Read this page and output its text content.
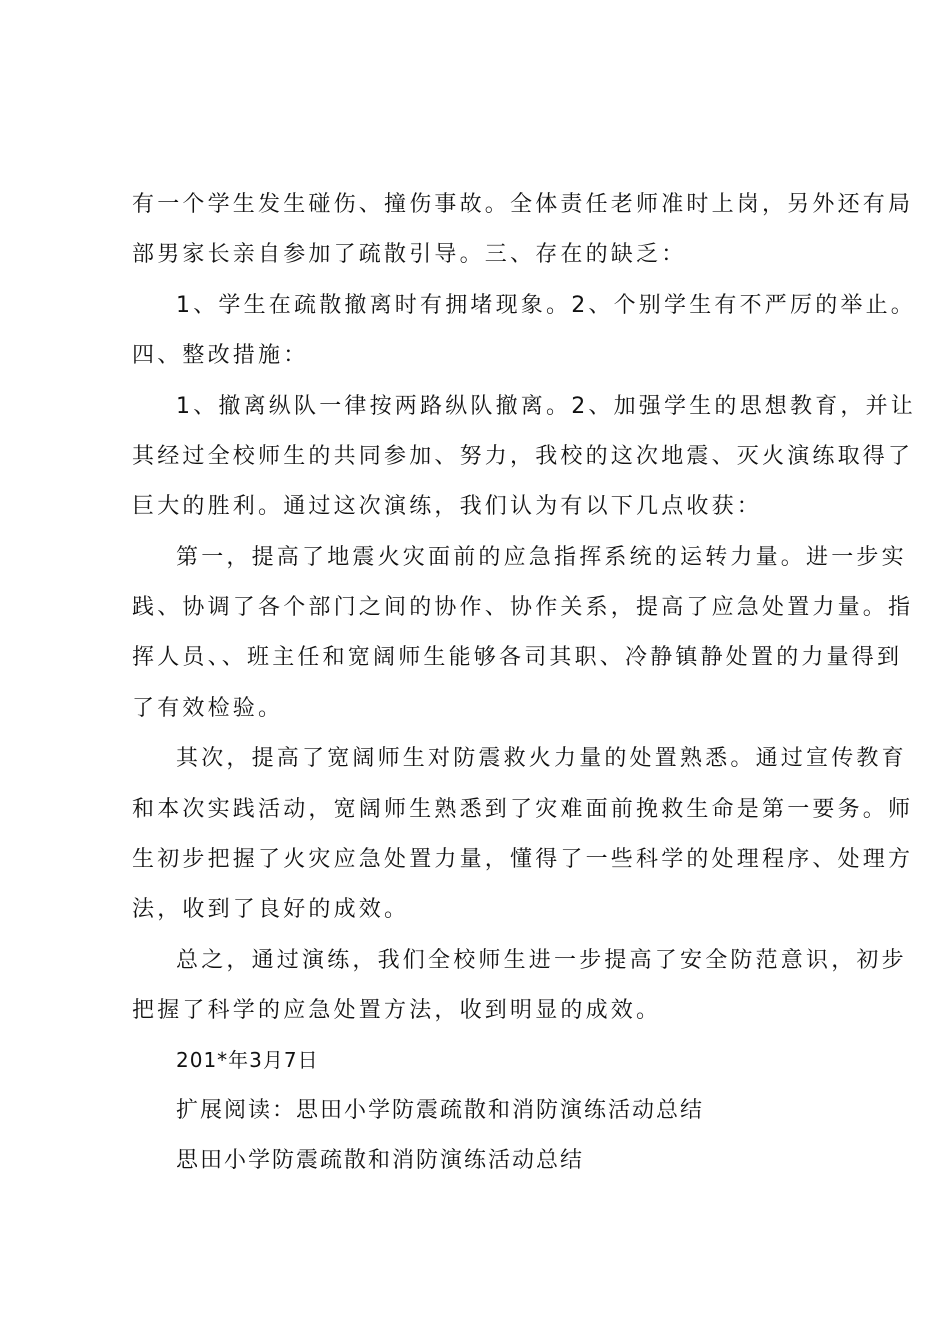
有一个学生发生碰伤、撞伤事故。全体责任老师准时上岗，另外还有局
部男家长亲自参加了疏散引导。三、存在的缺乏：
1、学生在疏散撤离时有拥堵现象。2、个别学生有不严厉的举止。
四、整改措施：
1、撤离纵队一律按两路纵队撤离。2、加强学生的思想教育，并让
其经过全校师生的共同参加、努力，我校的这次地震、灭火演练取得了
巨大的胜利。通过这次演练，我们认为有以下几点收获：
第一，提高了地震火灾面前的应急指挥系统的运转力量。进一步实
践、协调了各个部门之间的协作、协作关系，提高了应急处置力量。指
挥人员、、班主任和宽阔师生能够各司其职、冷静镇静处置的力量得到
了有效检验。
其次，提高了宽阔师生对防震救火力量的处置熟悉。通过宣传教育
和本次实践活动，宽阔师生熟悉到了灾难面前挽救生命是第一要务。师
生初步把握了火灾应急处置力量，懂得了一些科学的处理程序、处理方
法，收到了良好的成效。
总之，通过演练，我们全校师生进一步提高了安全防范意识，初步
把握了科学的应急处置方法，收到明显的成效。
201*年3月7日
扩展阅读：思田小学防震疏散和消防演练活动总结
思田小学防震疏散和消防演练活动总结
